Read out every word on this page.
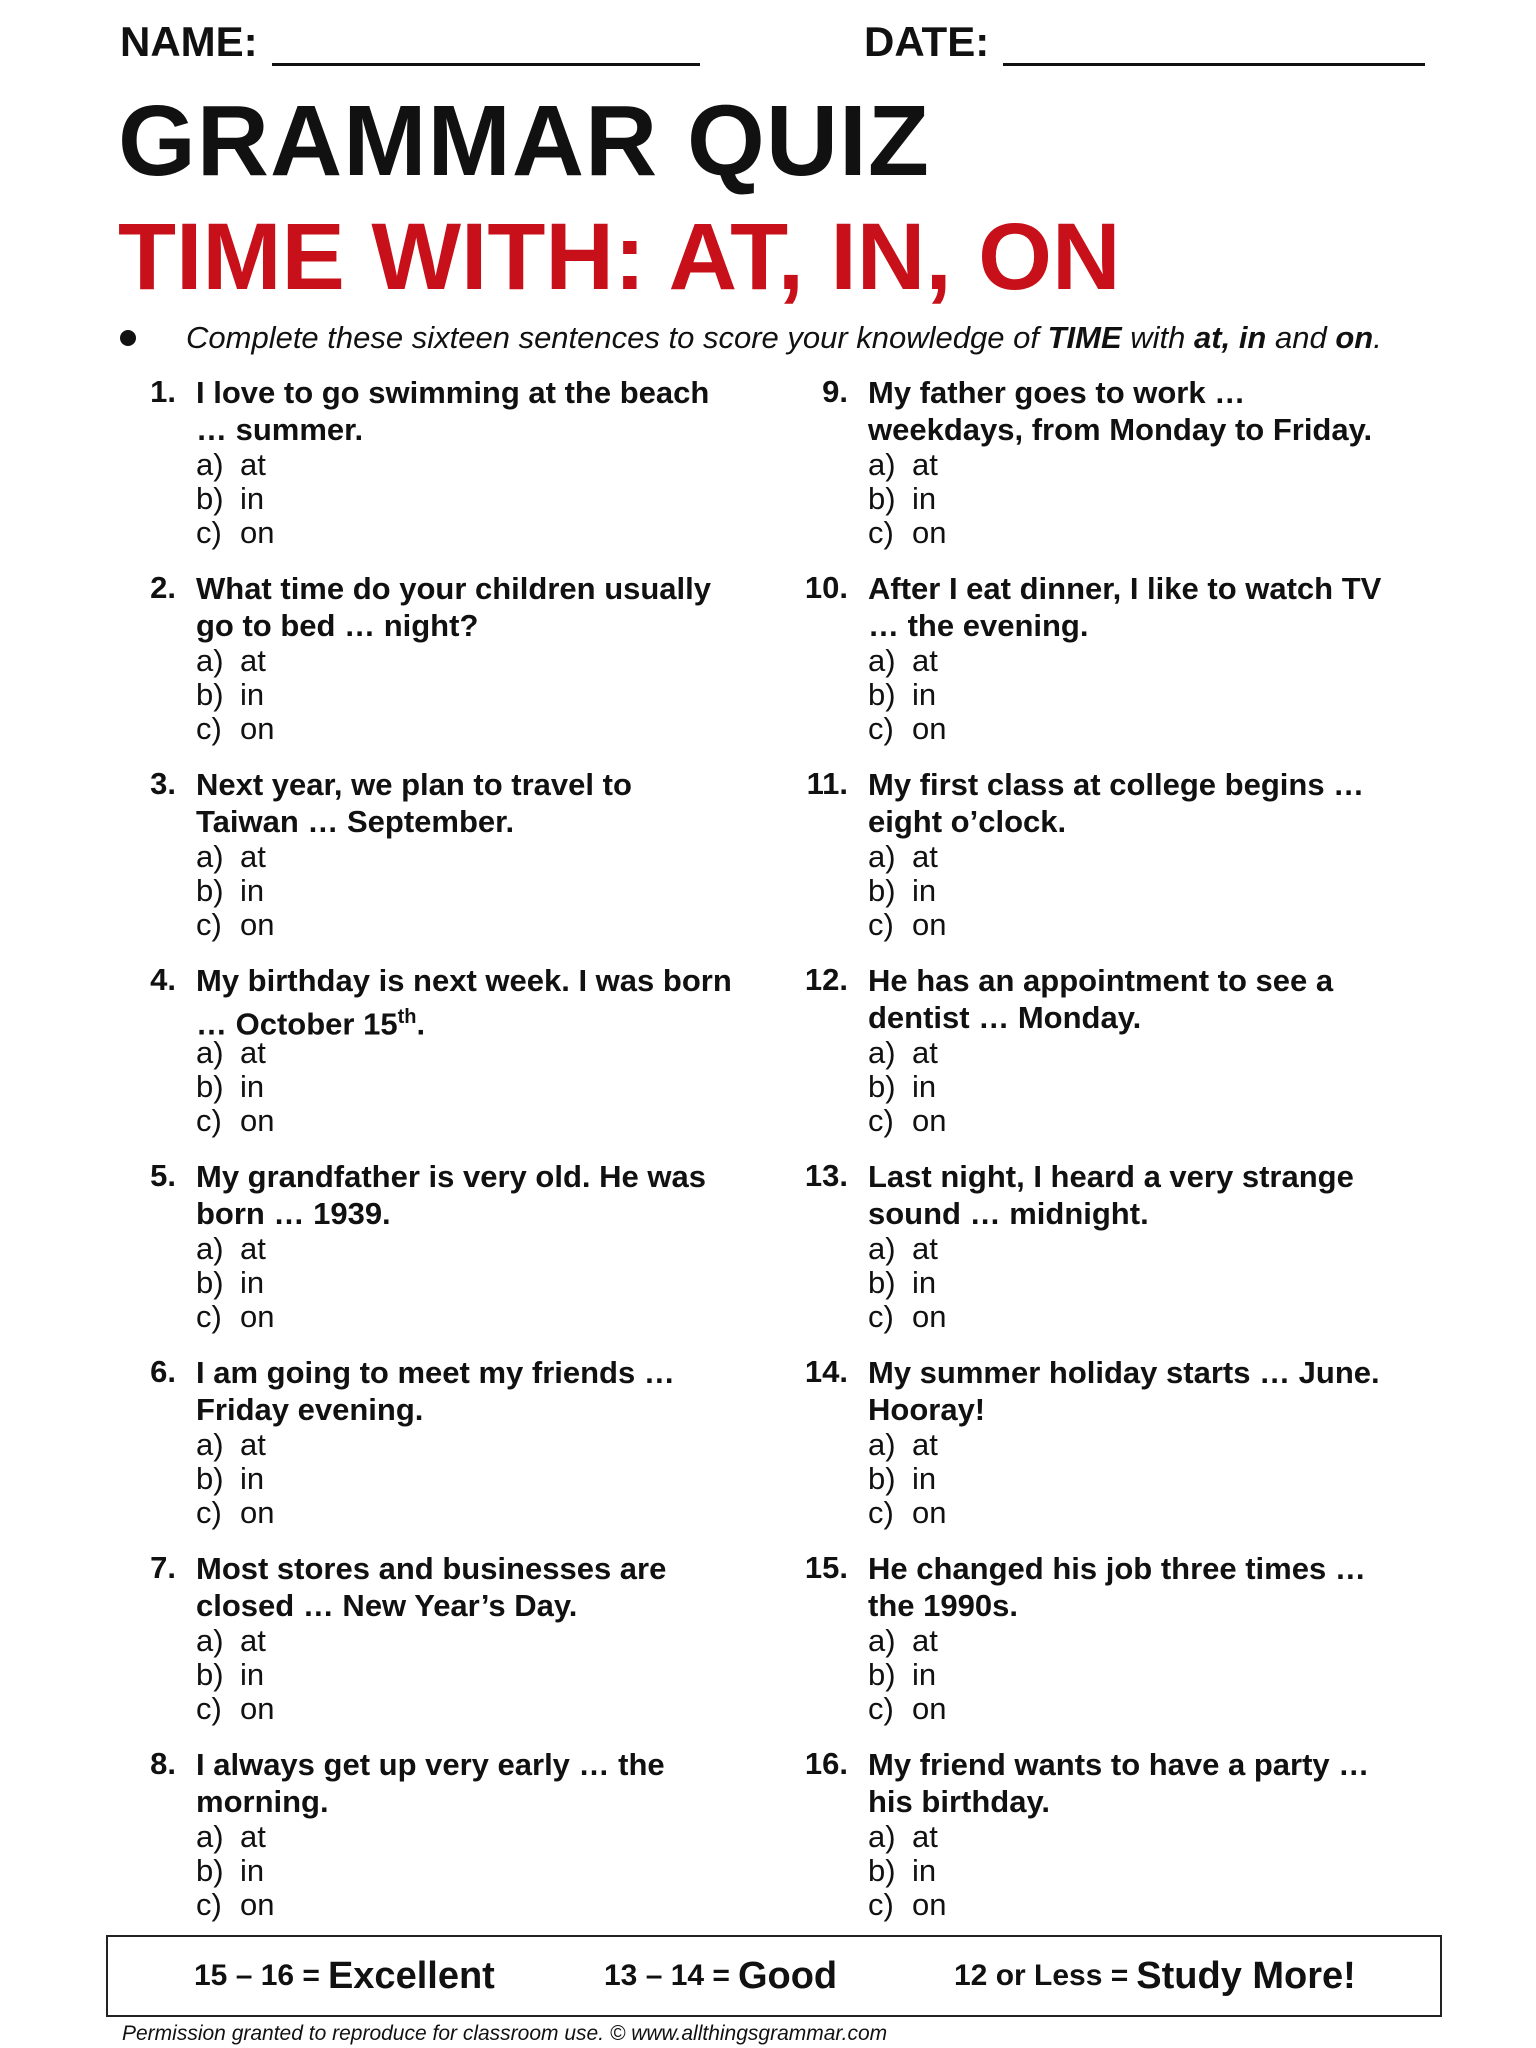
NAME:	DATE:
GRAMMAR QUIZ
TIME WITH: AT, IN, ON
Complete these sixteen sentences to score your knowledge of TIME with at, in and on.
1. I love to go swimming at the beach … summer.
a) at
b) in
c) on
2. What time do your children usually go to bed … night?
a) at
b) in
c) on
3. Next year, we plan to travel to Taiwan … September.
a) at
b) in
c) on
4. My birthday is next week. I was born … October 15th.
a) at
b) in
c) on
5. My grandfather is very old. He was born … 1939.
a) at
b) in
c) on
6. I am going to meet my friends … Friday evening.
a) at
b) in
c) on
7. Most stores and businesses are closed … New Year’s Day.
a) at
b) in
c) on
8. I always get up very early … the morning.
a) at
b) in
c) on
9. My father goes to work … weekdays, from Monday to Friday.
a) at
b) in
c) on
10. After I eat dinner, I like to watch TV … the evening.
a) at
b) in
c) on
11. My first class at college begins … eight o’clock.
a) at
b) in
c) on
12. He has an appointment to see a dentist … Monday.
a) at
b) in
c) on
13. Last night, I heard a very strange sound … midnight.
a) at
b) in
c) on
14. My summer holiday starts … June. Hooray!
a) at
b) in
c) on
15. He changed his job three times … the 1990s.
a) at
b) in
c) on
16. My friend wants to have a party … his birthday.
a) at
b) in
c) on
15 – 16 = Excellent	13 – 14 = Good	12 or Less = Study More!
Permission granted to reproduce for classroom use. © www.allthingsgrammar.com
